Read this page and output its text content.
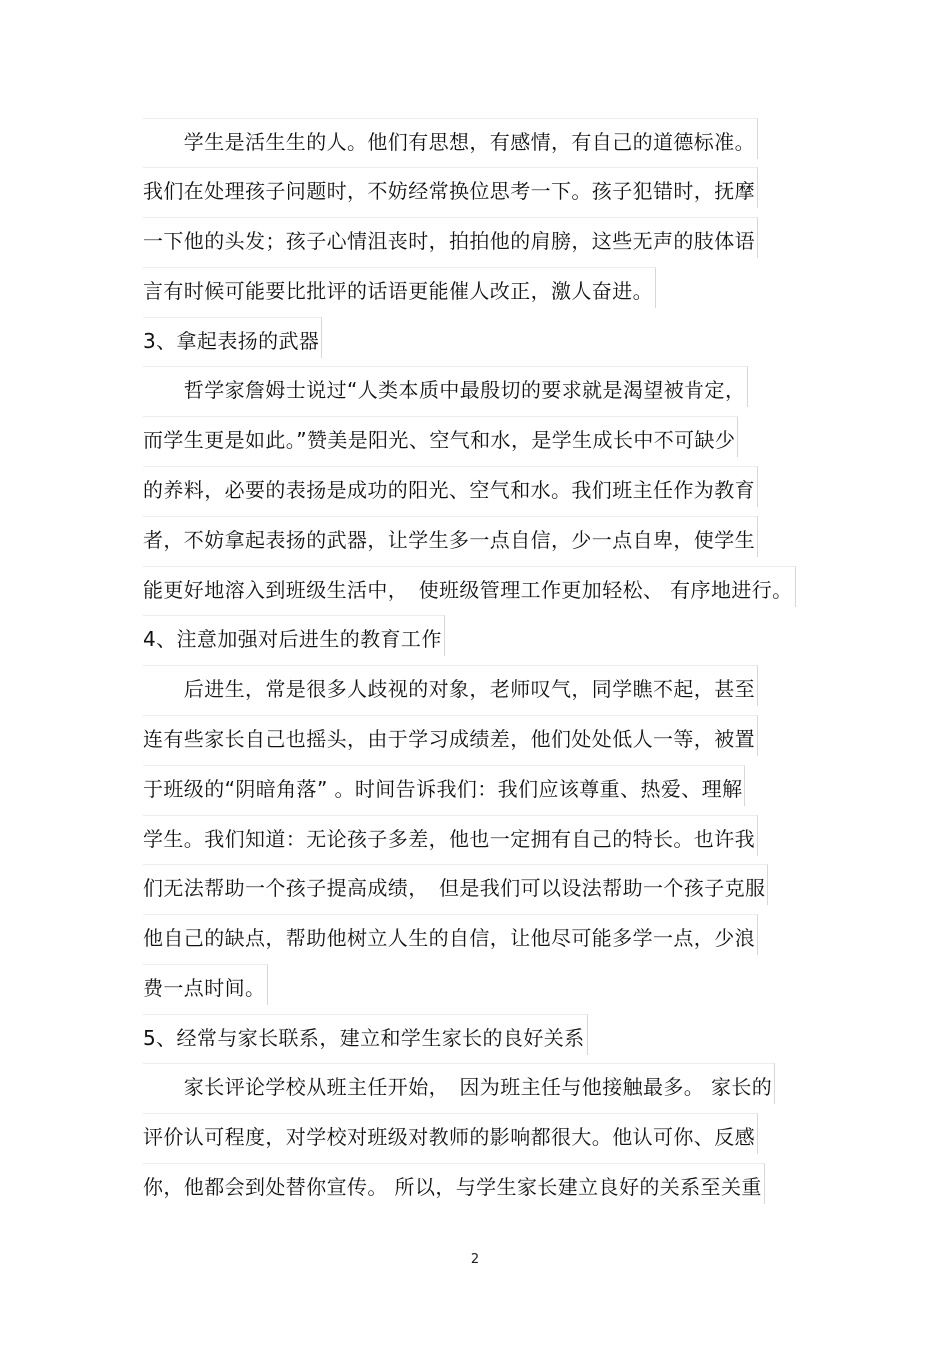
　　学生是活生生的人。他们有思想，有感情，有自己的道德标准。
我们在处理孩子问题时，不妨经常换位思考一下。孩子犯错时，抚摩
一下他的头发；孩子心情沮丧时，拍拍他的肩膀，这些无声的肢体语
言有时候可能要比批评的话语更能催人改正，激人奋进。
3、拿起表扬的武器
　　哲学家詹姆士说过“人类本质中最殷切的要求就是渴望被肯定，
而学生更是如此。”赞美是阳光、空气和水，是学生成长中不可缺少
的养料，必要的表扬是成功的阳光、空气和水。我们班主任作为教育
者，不妨拿起表扬的武器，让学生多一点自信，少一点自卑，使学生
能更好地溶入到班级生活中，　使班级管理工作更加轻松、 有序地进行。
4、注意加强对后进生的教育工作
　　后进生，常是很多人歧视的对象，老师叹气，同学瞧不起，甚至
连有些家长自己也摇头，由于学习成绩差，他们处处低人一等，被置
于班级的“阴暗角落” 。时间告诉我们：我们应该尊重、热爱、理解
学生。我们知道：无论孩子多差，他也一定拥有自己的特长。也许我
们无法帮助一个孩子提高成绩，　但是我们可以设法帮助一个孩子克服
他自己的缺点，帮助他树立人生的自信，让他尽可能多学一点，少浪
费一点时间。
5、经常与家长联系，建立和学生家长的良好关系
　　家长评论学校从班主任开始，　因为班主任与他接触最多。 家长的
评价认可程度，对学校对班级对教师的影响都很大。他认可你、反感
你，他都会到处替你宣传。 所以，与学生家长建立良好的关系至关重
2
